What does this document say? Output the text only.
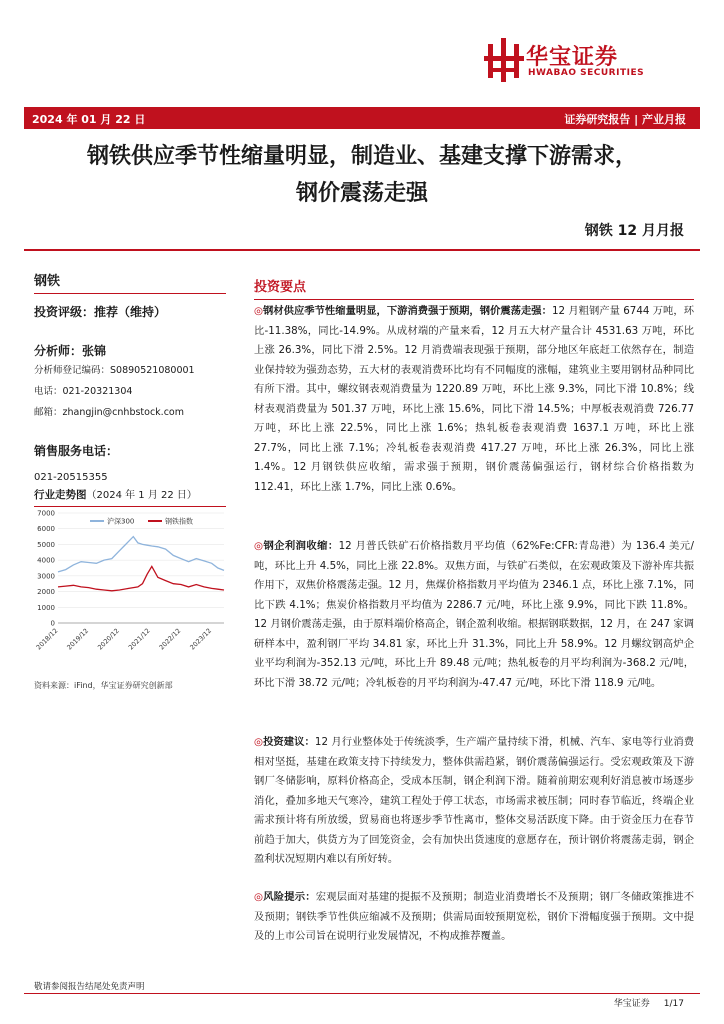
华宝证券
HWABAO SECURITIES
2024 年 01 月 22 日	证券研究报告 | 产业月报
钢铁供应季节性缩量明显，制造业、基建支撑下游需求，
钢价震荡走强
钢铁 12 月月报
钢铁
投资评级：推荐（维持）
分析师：张锦
分析师登记编码：S0890521080001
电话：021-20321304
邮箱：zhangjin@cnhbstock.com
销售服务电话：
021-20515355
行业走势图（2024 年 1 月 22 日）
0
1000
2000
3000
4000
5000
6000
7000
2018/12 2019/12 2020/12 2021/12 2022/12 2023/12
沪深300	钢铁指数
资料来源：iFind，华宝证券研究创新部
投资要点
◎钢材供应季节性缩量明显，下游消费强于预期，钢价震荡走强：12 月粗钢产量 6744 万吨，环比-11.38%，同比-14.9%。从成材端的产量来看，12 月五大材产量合计 4531.63 万吨，环比上涨 26.3%，同比下滑 2.5%。12 月消费端表现强于预期，部分地区年底赶工依然存在，制造业保持较为强劲态势，五大材的表观消费环比均有不同幅度的涨幅，建筑业主要用钢材品种同比有所下滑。其中，螺纹钢表观消费量为 1220.89 万吨，环比上涨 9.3%，同比下滑 10.8%；线材表观消费量为 501.37 万吨，环比上涨 15.6%，同比下滑 14.5%；中厚板表观消费 726.77 万吨，环比上涨 22.5%，同比上涨 1.6%；热轧板卷表观消费 1637.1 万吨，环比上涨 27.7%，同比上涨 7.1%；冷轧板卷表观消费 417.27 万吨，环比上涨 26.3%，同比上涨 1.4%。12 月钢铁供应收缩，需求强于预期，钢价震荡偏强运行，钢材综合价格指数为 112.41，环比上涨 1.7%，同比上涨 0.6%。
◎钢企利润收缩：12 月普氏铁矿石价格指数月平均值（62%Fe:CFR:青岛港）为 136.4 美元/吨，环比上升 4.5%，同比上涨 22.8%。双焦方面，与铁矿石类似，在宏观政策及下游补库共振作用下，双焦价格震荡走强。12 月，焦煤价格指数月平均值为 2346.1 点，环比上涨 7.1%，同比下跌 4.1%；焦炭价格指数月平均值为 2286.7 元/吨，环比上涨 9.9%，同比下跌 11.8%。12 月钢价震荡走强，由于原料端价格高企，钢企盈利收缩。根据钢联数据，12 月，在 247 家调研样本中，盈利钢厂平均 34.81 家，环比上升 31.3%，同比上升 58.9%。12 月螺纹钢高炉企业平均利润为-352.13 元/吨，环比上升 89.48 元/吨；热轧板卷的月平均利润为-368.2 元/吨，环比下滑 38.72 元/吨；冷轧板卷的月平均利润为-47.47 元/吨，环比下滑 118.9 元/吨。
◎投资建议：12 月行业整体处于传统淡季，生产端产量持续下滑，机械、汽车、家电等行业消费相对坚挺，基建在政策支持下持续发力，整体供需趋紧，钢价震荡偏强运行。受宏观政策及下游钢厂冬储影响，原料价格高企，受成本压制，钢企利润下滑。随着前期宏观利好消息被市场逐步消化，叠加多地天气寒冷，建筑工程处于停工状态，市场需求被压制；同时春节临近，终端企业需求预计将有所放缓，贸易商也将逐步季节性离市，整体交易活跃度下降。由于资金压力在春节前趋于加大，供货方为了回笼资金，会有加快出货速度的意愿存在，预计钢价将震荡走弱，钢企盈利状况短期内难以有所好转。
◎风险提示：宏观层面对基建的提振不及预期；制造业消费增长不及预期；钢厂冬储政策推进不及预期；钢铁季节性供应缩减不及预期；供需局面较预期宽松，钢价下滑幅度强于预期。文中提及的上市公司旨在说明行业发展情况，不构成推荐覆盖。
敬请参阅报告结尾处免责声明
华宝证券 1/17
